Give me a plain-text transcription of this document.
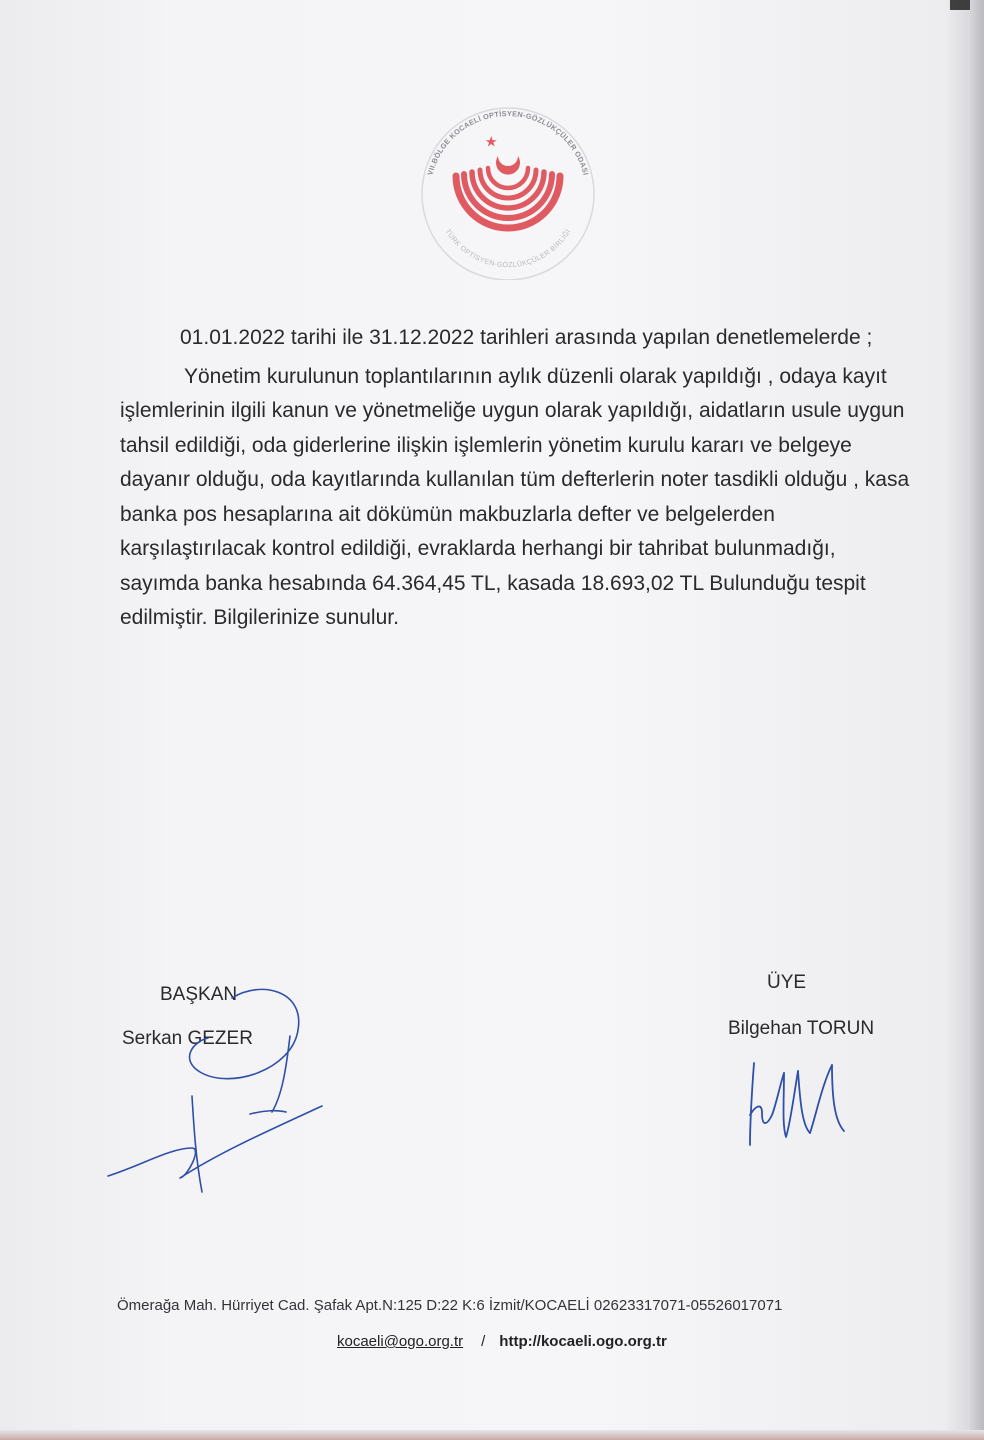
VII.BÖLGE KOCAELİ OPTİSYEN-GÖZLÜKÇÜLER ODASI
TÜRK OPTİSYEN-GÖZLÜKÇÜLER BİRLİĞİ

01.01.2022 tarihi ile 31.12.2022 tarihleri arasında yapılan denetlemelerde ;

Yönetim kurulunun toplantılarının aylık düzenli olarak yapıldığı , odaya kayıt işlemlerinin ilgili kanun ve yönetmeliğe uygun olarak yapıldığı, aidatların usule uygun tahsil edildiği, oda giderlerine ilişkin işlemlerin yönetim kurulu kararı ve belgeye dayanır olduğu, oda kayıtlarında kullanılan tüm defterlerin noter tasdikli olduğu , kasa banka pos hesaplarına ait dökümün makbuzlarla defter ve belgelerden karşılaştırılacak kontrol edildiği, evraklarda herhangi bir tahribat bulunmadığı, sayımda banka hesabında 64.364,45 TL, kasada 18.693,02 TL Bulunduğu tespit edilmiştir. Bilgilerinize sunulur.

BAŞKAN
Serkan GEZER
ÜYE
Bilgehan TORUN
Ömerağa Mah. Hürriyet Cad. Şafak Apt.N:125 D:22 K:6 İzmit/KOCAELİ 02623317071-05526017071
kocaeli@ogo.org.tr / http://kocaeli.ogo.org.tr
